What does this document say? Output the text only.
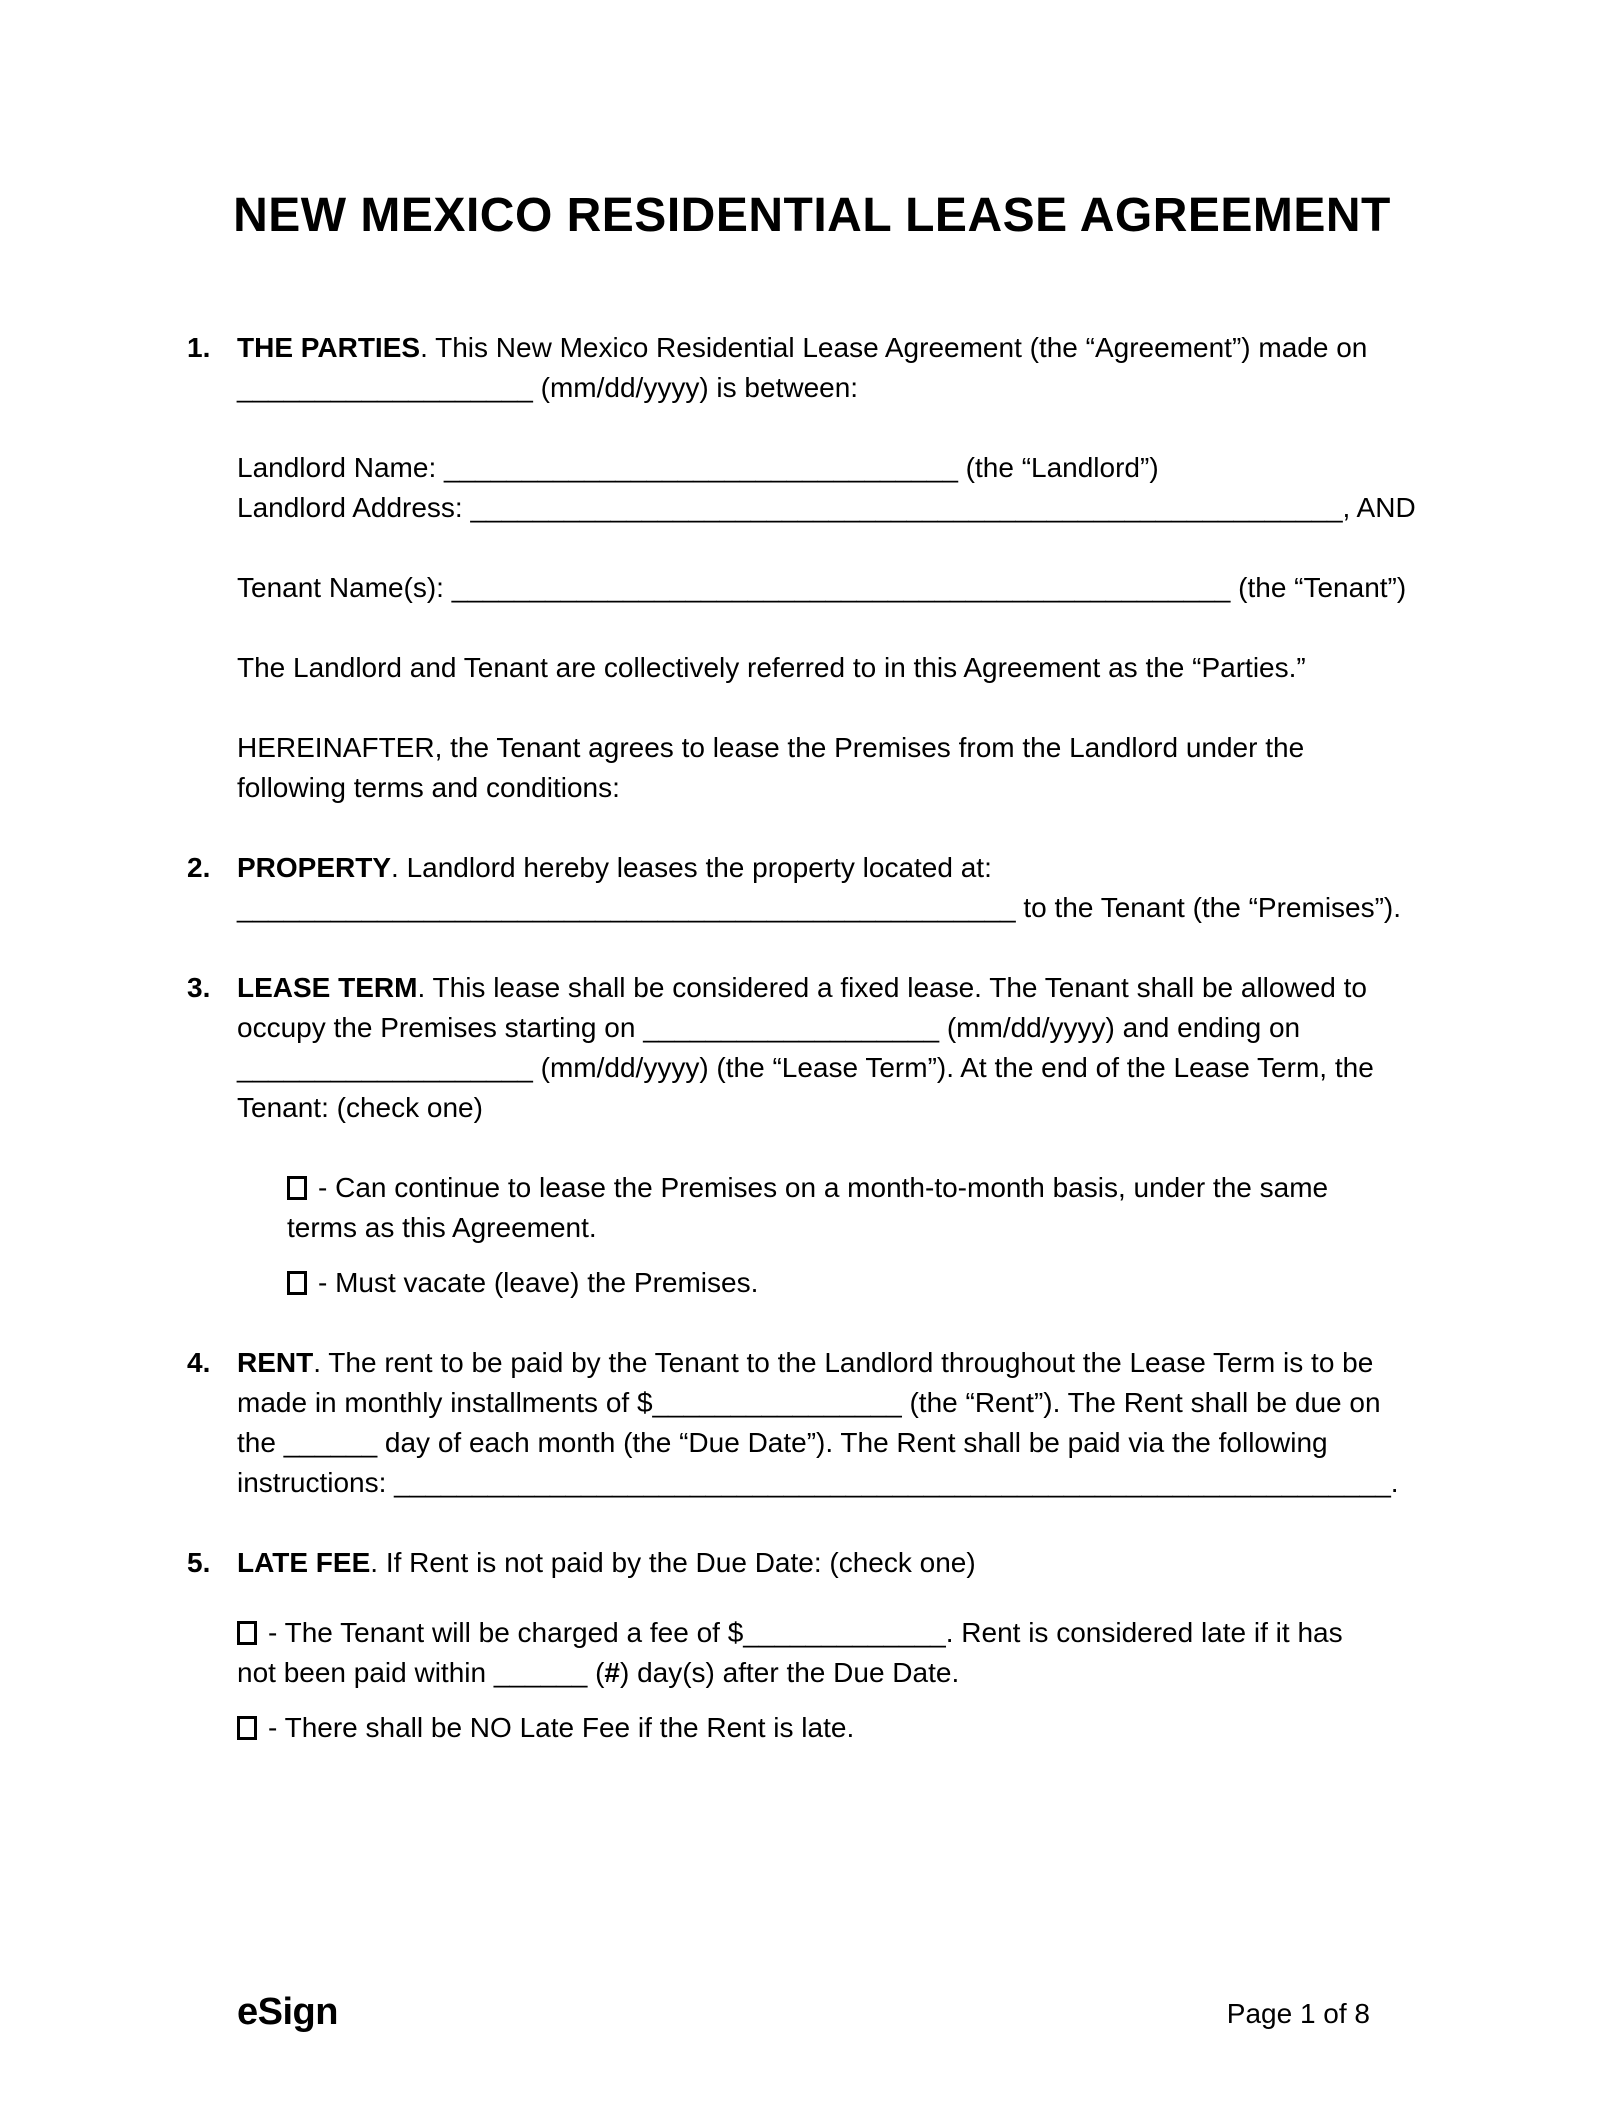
NEW MEXICO RESIDENTIAL LEASE AGREEMENT
1. THE PARTIES. This New Mexico Residential Lease Agreement (the “Agreement”) made on
___________________ (mm/dd/yyyy) is between:
Landlord Name: _________________________________ (the “Landlord”)
Landlord Address: ________________________________________________________, AND
Tenant Name(s): __________________________________________________ (the “Tenant”)
The Landlord and Tenant are collectively referred to in this Agreement as the “Parties.”
HEREINAFTER, the Tenant agrees to lease the Premises from the Landlord under the
following terms and conditions:
2. PROPERTY. Landlord hereby leases the property located at:
__________________________________________________ to the Tenant (the “Premises”).
3. LEASE TERM. This lease shall be considered a fixed lease. The Tenant shall be allowed to
occupy the Premises starting on ___________________ (mm/dd/yyyy) and ending on
___________________ (mm/dd/yyyy) (the “Lease Term”). At the end of the Lease Term, the
Tenant: (check one)
- Can continue to lease the Premises on a month-to-month basis, under the same
terms as this Agreement.
- Must vacate (leave) the Premises.
4. RENT. The rent to be paid by the Tenant to the Landlord throughout the Lease Term is to be
made in monthly installments of $________________ (the “Rent”). The Rent shall be due on
the ______ day of each month (the “Due Date”). The Rent shall be paid via the following
instructions: ________________________________________________________________.
5. LATE FEE. If Rent is not paid by the Due Date: (check one)
- The Tenant will be charged a fee of $_____________. Rent is considered late if it has
not been paid within ______ (#) day(s) after the Due Date.
- There shall be NO Late Fee if the Rent is late.
eSign	Page 1 of 8
